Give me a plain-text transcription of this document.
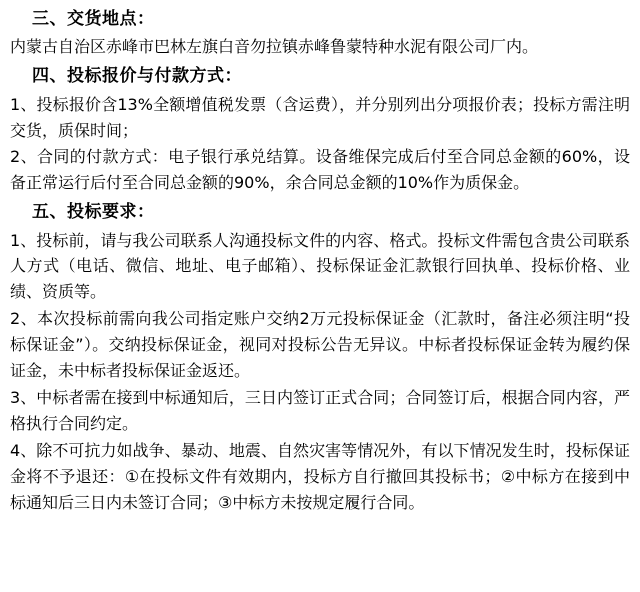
三、交货地点：

内蒙古自治区赤峰市巴林左旗白音勿拉镇赤峰鲁蒙特种水泥有限公司厂内。

四、投标报价与付款方式：

1、投标报价含13%全额增值税发票（含运费），并分别列出分项报价表；投标方需注明交货，质保时间；

2、合同的付款方式：电子银行承兑结算。设备维保完成后付至合同总金额的60%，设备正常运行后付至合同总金额的90%，余合同总金额的10%作为质保金。

五、投标要求：

1、投标前，请与我公司联系人沟通投标文件的内容、格式。投标文件需包含贵公司联系人方式（电话、微信、地址、电子邮箱）、投标保证金汇款银行回执单、投标价格、业绩、资质等。

2、本次投标前需向我公司指定账户交纳2万元投标保证金（汇款时，备注必须注明“投标保证金”）。交纳投标保证金，视同对投标公告无异议。中标者投标保证金转为履约保证金，未中标者投标保证金返还。

3、中标者需在接到中标通知后，三日内签订正式合同；合同签订后，根据合同内容，严格执行合同约定。

4、除不可抗力如战争、暴动、地震、自然灾害等情况外，有以下情况发生时，投标保证金将不予退还：①在投标文件有效期内，投标方自行撤回其投标书；②中标方在接到中标通知后三日内未签订合同；③中标方未按规定履行合同。
